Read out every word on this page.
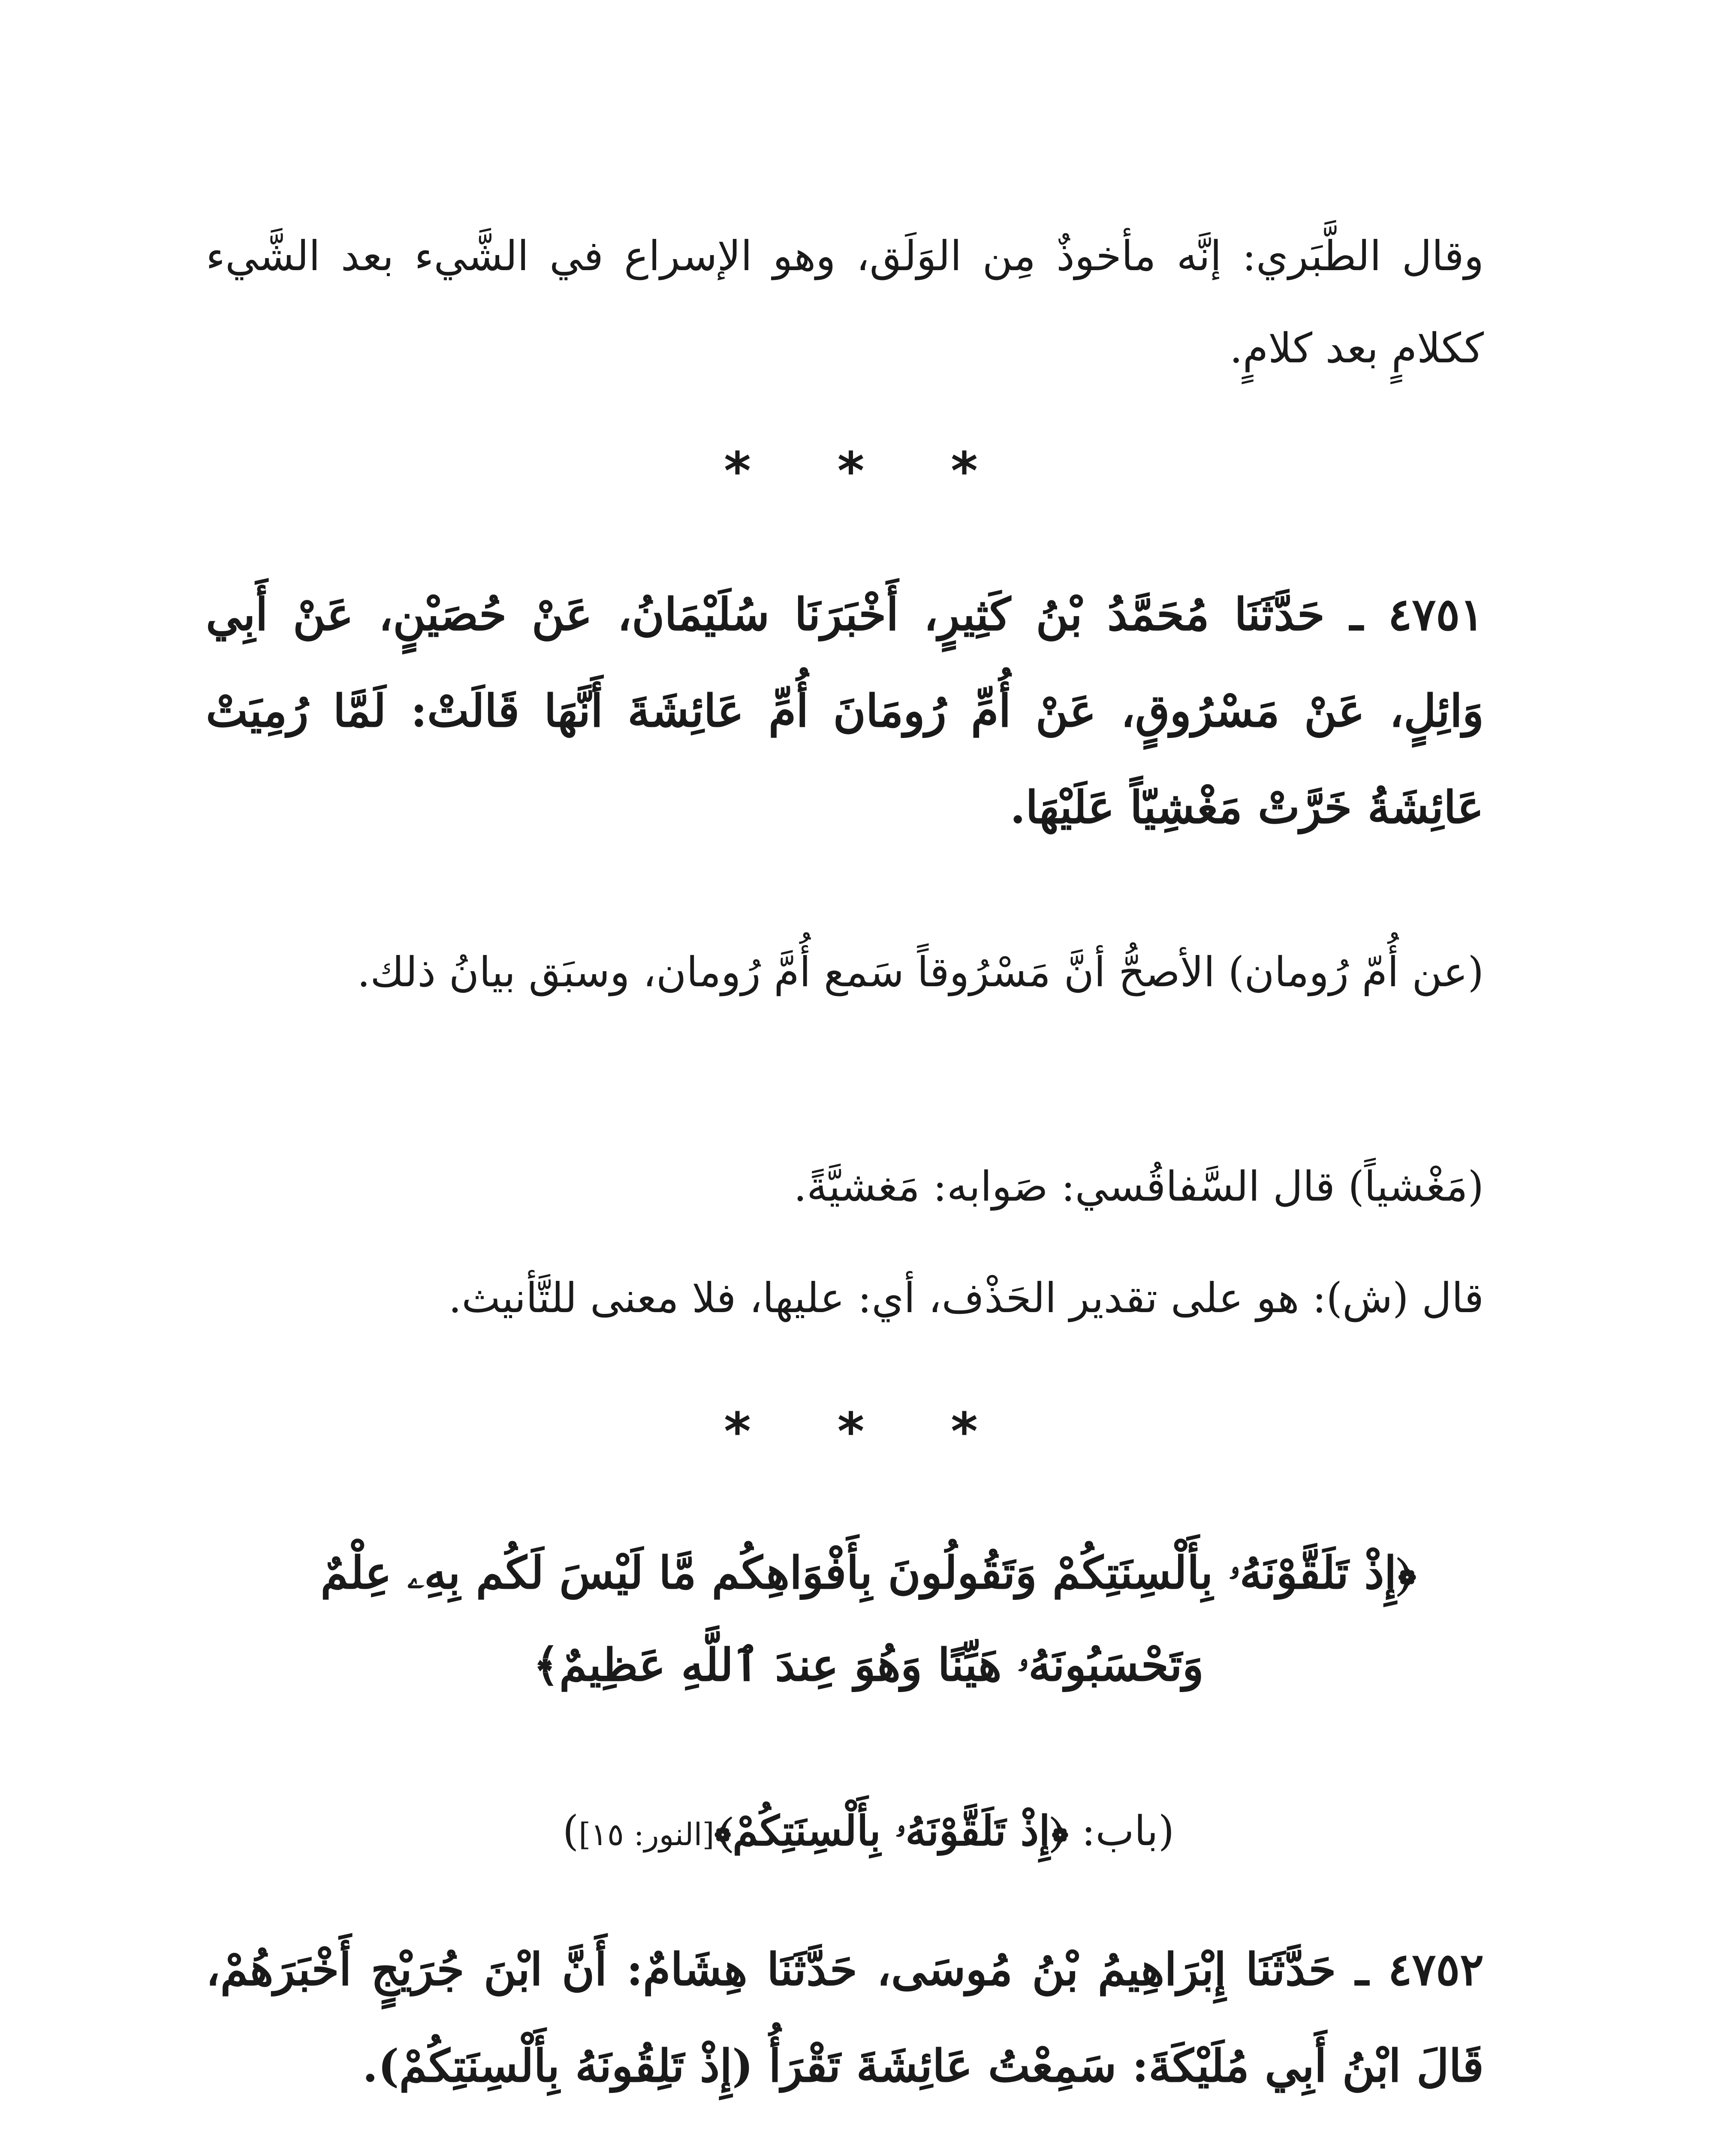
وقال الطَّبَري: إنَّه مأخوذٌ مِن الوَلَق، وهو الإسراع في الشَّيء بعد الشَّيء ككلامٍ بعد كلامٍ.
* * *
٤٧٥١ ـ حَدَّثَنَا مُحَمَّدُ بْنُ كَثِيرٍ، أَخْبَرَنَا سُلَيْمَانُ، عَنْ حُصَيْنٍ، عَنْ أَبِي وَائِلٍ، عَنْ مَسْرُوقٍ، عَنْ أُمِّ رُومَانَ أُمِّ عَائِشَةَ أَنَّهَا قَالَتْ: لَمَّا رُمِيَتْ عَائِشَةُ خَرَّتْ مَغْشِيّاً عَلَيْهَا.
(عن أُمّ رُومان) الأصحُّ أنَّ مَسْرُوقاً سَمع أُمَّ رُومان، وسبَق بيانُ ذلك.
(مَغْشياً) قال السَّفاقُسي: صَوابه: مَغشيَّةً.
قال (ش): هو على تقدير الحَذْف، أي: عليها، فلا معنى للتَّأنيث.
* * *
﴿إِذْ تَلَقَّوْنَهُۥ بِأَلْسِنَتِكُمْ وَتَقُولُونَ بِأَفْوَاهِكُم مَّا لَيْسَ لَكُم بِهِۦ عِلْمٌ
وَتَحْسَبُونَهُۥ هَيِّنًا وَهُوَ عِندَ ٱللَّهِ عَظِيمٌ﴾
(باب: ﴿إِذْ تَلَقَّوْنَهُۥ بِأَلْسِنَتِكُمْ﴾[النور: ١٥])
٤٧٥٢ ـ حَدَّثَنَا إِبْرَاهِيمُ بْنُ مُوسَى، حَدَّثَنَا هِشَامٌ: أَنَّ ابْنَ جُرَيْجٍ أَخْبَرَهُمْ، قَالَ ابْنُ أَبِي مُلَيْكَةَ: سَمِعْتُ عَائِشَةَ تَقْرَأُ (إِذْ تَلِقُونَهُ بِأَلْسِنَتِكُمْ).
